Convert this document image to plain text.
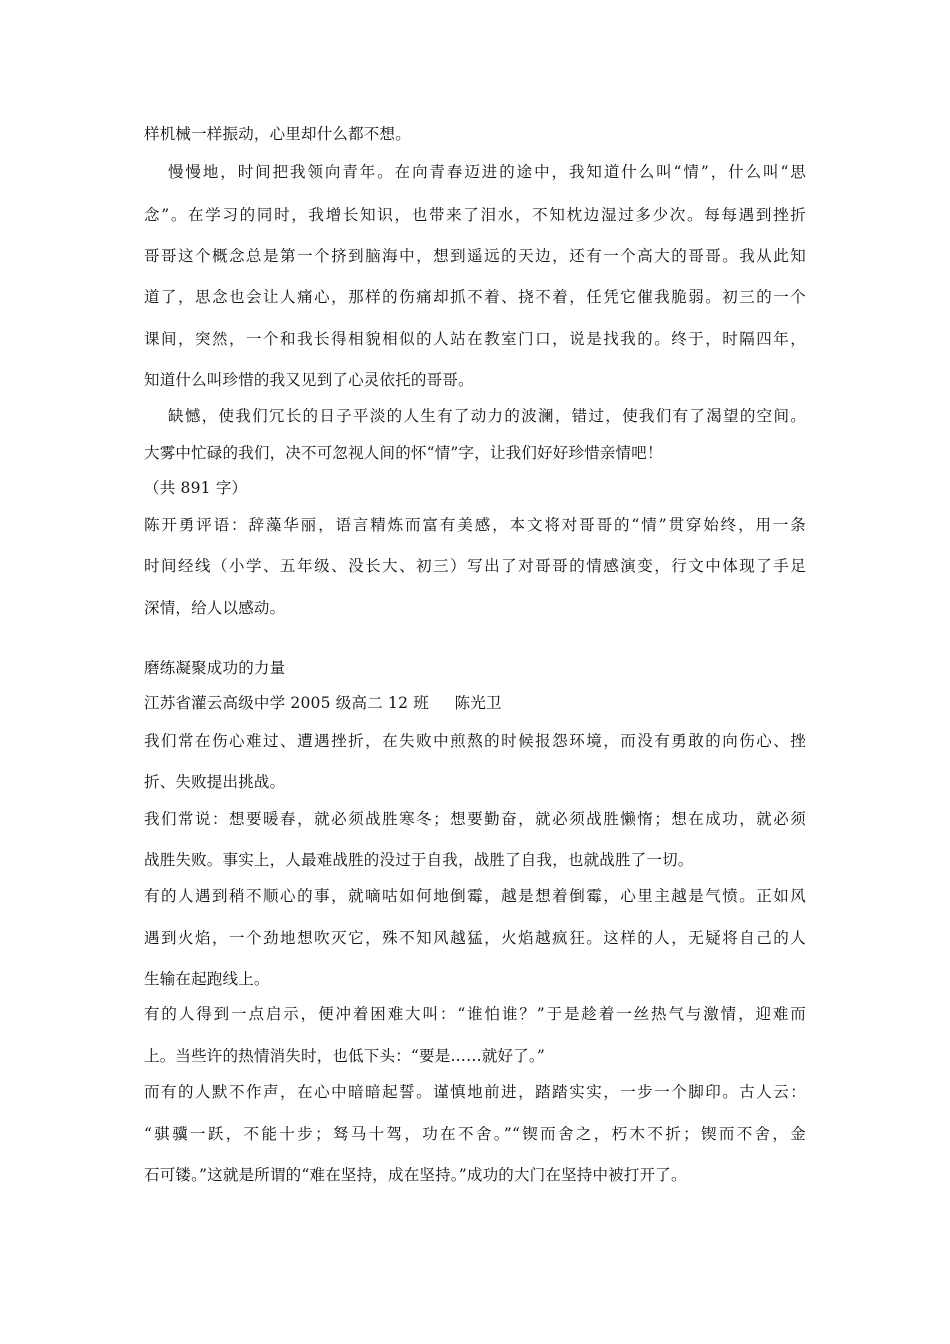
样机械一样振动，心里却什么都不想。
慢慢地，时间把我领向青年。在向青春迈进的途中，我知道什么叫“情”，什么叫“思
念”。在学习的同时，我增长知识，也带来了泪水，不知枕边湿过多少次。每每遇到挫折
哥哥这个概念总是第一个挤到脑海中，想到遥远的天边，还有一个高大的哥哥。我从此知
道了，思念也会让人痛心，那样的伤痛却抓不着、挠不着，任凭它催我脆弱。初三的一个
课间，突然，一个和我长得相貌相似的人站在教室门口，说是找我的。终于，时隔四年，
知道什么叫珍惜的我又见到了心灵依托的哥哥。
缺憾，使我们冗长的日子平淡的人生有了动力的波澜，错过，使我们有了渴望的空间。
大雾中忙碌的我们，决不可忽视人间的怀“情”字，让我们好好珍惜亲情吧！
（共 891 字）
陈开勇评语：辞藻华丽，语言精炼而富有美感，本文将对哥哥的“情”贯穿始终，用一条
时间经线（小学、五年级、没长大、初三）写出了对哥哥的情感演变，行文中体现了手足
深情，给人以感动。
磨练凝聚成功的力量
江苏省灌云高级中学 2005 级高二 12 班     陈光卫
我们常在伤心难过、遭遇挫折，在失败中煎熬的时候报怨环境，而没有勇敢的向伤心、挫
折、失败提出挑战。
我们常说：想要暖春，就必须战胜寒冬；想要勤奋，就必须战胜懒惰；想在成功，就必须
战胜失败。事实上，人最难战胜的没过于自我，战胜了自我，也就战胜了一切。
有的人遇到稍不顺心的事，就嘀咕如何地倒霉，越是想着倒霉，心里主越是气愤。正如风
遇到火焰，一个劲地想吹灭它，殊不知风越猛，火焰越疯狂。这样的人，无疑将自己的人
生输在起跑线上。
有的人得到一点启示，便冲着困难大叫：“谁怕谁？”于是趁着一丝热气与激情，迎难而
上。当些许的热情消失时，也低下头：“要是……就好了。”
而有的人默不作声，在心中暗暗起誓。谨慎地前进，踏踏实实，一步一个脚印。古人云：
“骐骥一跃，不能十步；驽马十驾，功在不舍。”“锲而舍之，朽木不折；锲而不舍，金
石可镂。”这就是所谓的“难在坚持，成在坚持。”成功的大门在坚持中被打开了。
